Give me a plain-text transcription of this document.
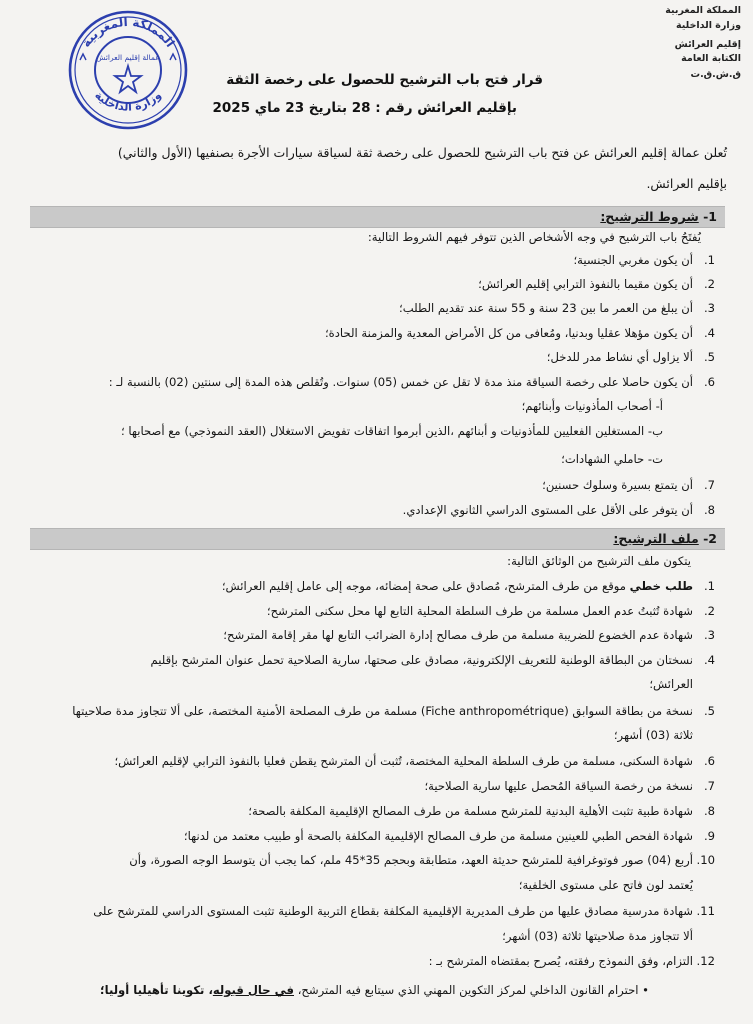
المملكة المغربية
وزارة الداخلية
إقليم العرائش
الكتابة العامة
ق.ش.ق.ت
المملكة المغربية
وزارة الداخلية
عمالة إقليم العرائش
قرار فتح باب الترشيح للحصول على رخصة الثقة
بإقليم العرائش رقم : 28 بتاريخ 23 ماي 2025
تُعلن عمالة إقليم العرائش عن فتح باب الترشيح للحصول على رخصة ثقة لسياقة سيارات الأجرة بصنفيها (الأول والثاني)
بإقليم العرائش.
-1 شروط الترشيح:
يُفتَحُ باب الترشيح في وجه الأشخاص الذين تتوفر فيهم الشروط التالية:
.1
أن يكون مغربي الجنسية؛
.2
أن يكون مقيما بالنفوذ الترابي إقليم العرائش؛
.3
أن يبلغ من العمر ما بين 23 سنة و 55 سنة عند تقديم الطلب؛
.4
أن يكون مؤهلا عقليا وبدنيا، ومُعافى من كل الأمراض المعدية والمزمنة الحادة؛
.5
ألا يزاول أي نشاط مدر للدخل؛
.6
أن يكون حاصلا على رخصة السياقة منذ مدة لا تقل عن خمس (05) سنوات. وتُقلص هذه المدة إلى سنتين (02) بالنسبة لـ :
أ- أصحاب المأذونيات وأبنائهم؛
ب- المستغلين الفعليين للمأذونيات و أبنائهم ،الذين أبرموا اتفاقات تفويض الاستغلال (العقد النموذجي) مع أصحابها ؛
ت- حاملي الشهادات؛
.7
أن يتمتع بسيرة وسلوك حسنين؛
.8
أن يتوفر على الأقل على المستوى الدراسي الثانوي الإعدادي.
-2 ملف الترشيح:
يتكون ملف الترشيح من الوثائق التالية:
.1
طلب خطي موقع من طرف المترشح، مُصادق على صحة إمضائه، موجه إلى عامل إقليم العرائش؛
.2
شهادة تُثبتُ عدم العمل مسلمة من طرف السلطة المحلية التابع لها محل سكنى المترشح؛
.3
شهادة عدم الخضوع للضريبة مسلمة من طرف مصالح إدارة الضرائب التابع لها مقر إقامة المترشح؛
.4
نسختان من البطاقة الوطنية للتعريف الإلكترونية، مصادق على صحتها، سارية الصلاحية تحمل عنوان المترشح بإقليم
العرائش؛
.5
نسخة من بطاقة السوابق (Fiche anthropométrique) مسلمة من طرف المصلحة الأمنية المختصة، على ألا تتجاوز مدة صلاحيتها
ثلاثة (03) أشهر؛
.6
شهادة السكنى، مسلمة من طرف السلطة المحلية المختصة، تُثبت أن المترشح يقطن فعليا بالنفوذ الترابي لإقليم العرائش؛
.7
نسخة من رخصة السياقة المُحصل عليها سارية الصلاحية؛
.8
شهادة طبية تثبت الأهلية البدنية للمترشح مسلمة من طرف المصالح الإقليمية المكلفة بالصحة؛
.9
شهادة الفحص الطبي للعينين مسلمة من طرف المصالح الإقليمية المكلفة بالصحة أو طبيب معتمد من لدنها؛
.10
أربع (04) صور فوتوغرافية للمترشح حديثة العهد، متطابقة وبحجم 35*45 ملم، كما يجب أن يتوسط الوجه الصورة، وأن
يُعتمد لون فاتح على مستوى الخلفية؛
.11
شهادة مدرسية مصادق عليها من طرف المديرية الإقليمية المكلفة بقطاع التربية الوطنية تثبت المستوى الدراسي للمترشح على
ألا تتجاوز مدة صلاحيتها ثلاثة (03) أشهر؛
.12
التزام، وفق النموذج رفقته، يُصرح بمقتضاه المترشح بـ :
• احترام القانون الداخلي لمركز التكوين المهني الذي سيتابع فيه المترشح، في حال قبوله، تكوينا تأهيليا أوليا؛
